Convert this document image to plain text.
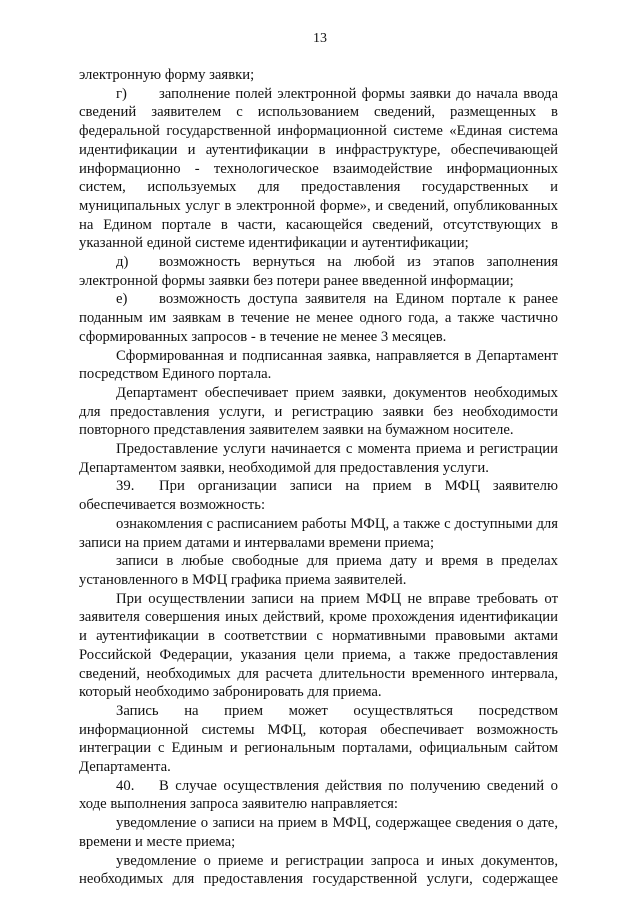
13

электронную форму заявки;

г)	заполнение полей электронной формы заявки до начала ввода

сведений заявителем с использованием сведений, размещенных в федеральной государственной информационной системе «Единая система идентификации и аутентификации в инфраструктуре, обеспечивающей информационно - технологическое взаимодействие информационных систем, используемых для предоставления государственных и муниципальных услуг в электронной форме», и сведений, опубликованных на Едином портале в части, касающейся сведений, отсутствующих в указанной единой системе идентификации и аутентификации;

д)	возможность вернуться на любой из этапов заполнения

электронной формы заявки без потери ранее введенной информации;

е)	возможность доступа заявителя на Едином портале к ранее

поданным им заявкам в течение не менее одного года, а также частично сформированных запросов - в течение не менее 3 месяцев.

Сформированная и подписанная заявка, направляется в Департамент посредством Единого портала.

Департамент обеспечивает прием заявки, документов необходимых для предоставления услуги, и регистрацию заявки без необходимости повторного представления заявителем заявки на бумажном носителе.

Предоставление услуги начинается с момента приема и регистрации Департаментом заявки, необходимой для предоставления услуги.

39.	При организации записи на прием в МФЦ заявителю

обеспечивается возможность:

ознакомления с расписанием работы МФЦ, а также с доступными для записи на прием датами и интервалами времени приема;

записи в любые свободные для приема дату и время в пределах установленного в МФЦ графика приема заявителей.

При осуществлении записи на прием МФЦ не вправе требовать от заявителя совершения иных действий, кроме прохождения идентификации и аутентификации в соответствии с нормативными правовыми актами Российской Федерации, указания цели приема, а также предоставления сведений, необходимых для расчета длительности временного интервала, который необходимо забронировать для приема.

Запись на прием может осуществляться посредством информационной системы МФЦ, которая обеспечивает возможность интеграции с Единым и региональным порталами, официальным сайтом Департамента.

40.	В случае осуществления действия по получению сведений о

ходе выполнения запроса заявителю направляется:

уведомление о записи на прием в МФЦ, содержащее сведения о дате, времени и месте приема;

уведомление о приеме и регистрации запроса и иных документов, необходимых для предоставления государственной услуги, содержащее
